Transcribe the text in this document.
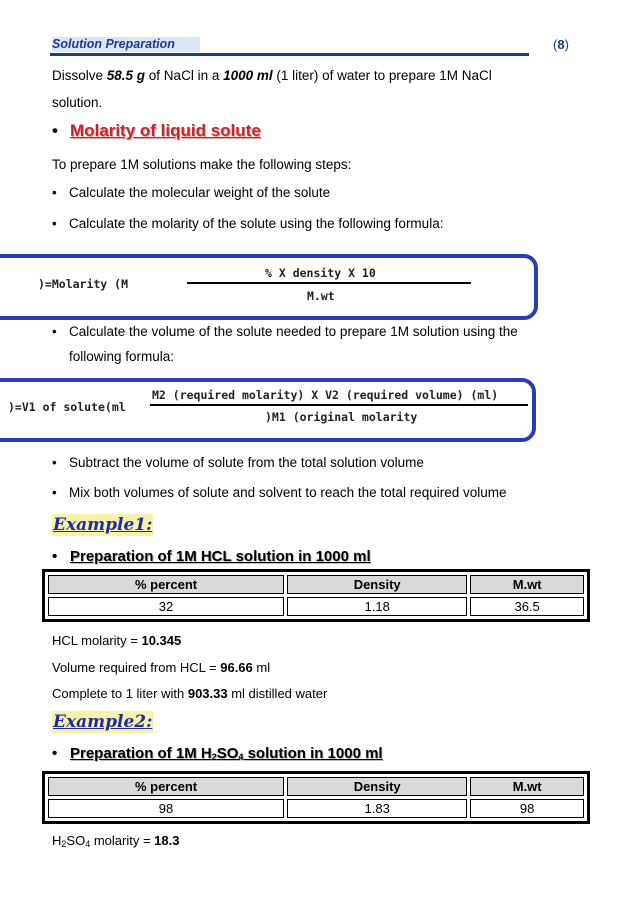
Solution Preparation	(8)
Dissolve 58.5 g of NaCl in a 1000 ml (1 liter) of water to prepare 1M NaCl
solution.
• Molarity of liquid solute
To prepare 1M solutions make the following steps:
• Calculate the molecular weight of the solute
• Calculate the molarity of the solute using the following formula:
)=Molarity (M
% X density X 10
M.wt
• Calculate the volume of the solute needed to prepare 1M solution using the
following formula:
)=V1 of solute(ml
M2 (required molarity) X V2 (required volume) (ml)
)M1 (original molarity
• Subtract the volume of solute from the total solution volume
• Mix both volumes of solute and solvent to reach the total required volume
Example1:
• Preparation of 1M HCL solution in 1000 ml
% percent	Density	M.wt
32	1.18	36.5
HCL molarity = 10.345
Volume required from HCL = 96.66 ml
Complete to 1 liter with 903.33 ml distilled water
Example2:
• Preparation of 1M $H_2SO_4$ solution in 1000 ml
% percent	Density	M.wt
98	1.83	98
$H_2SO_4$ molarity = 18.3
